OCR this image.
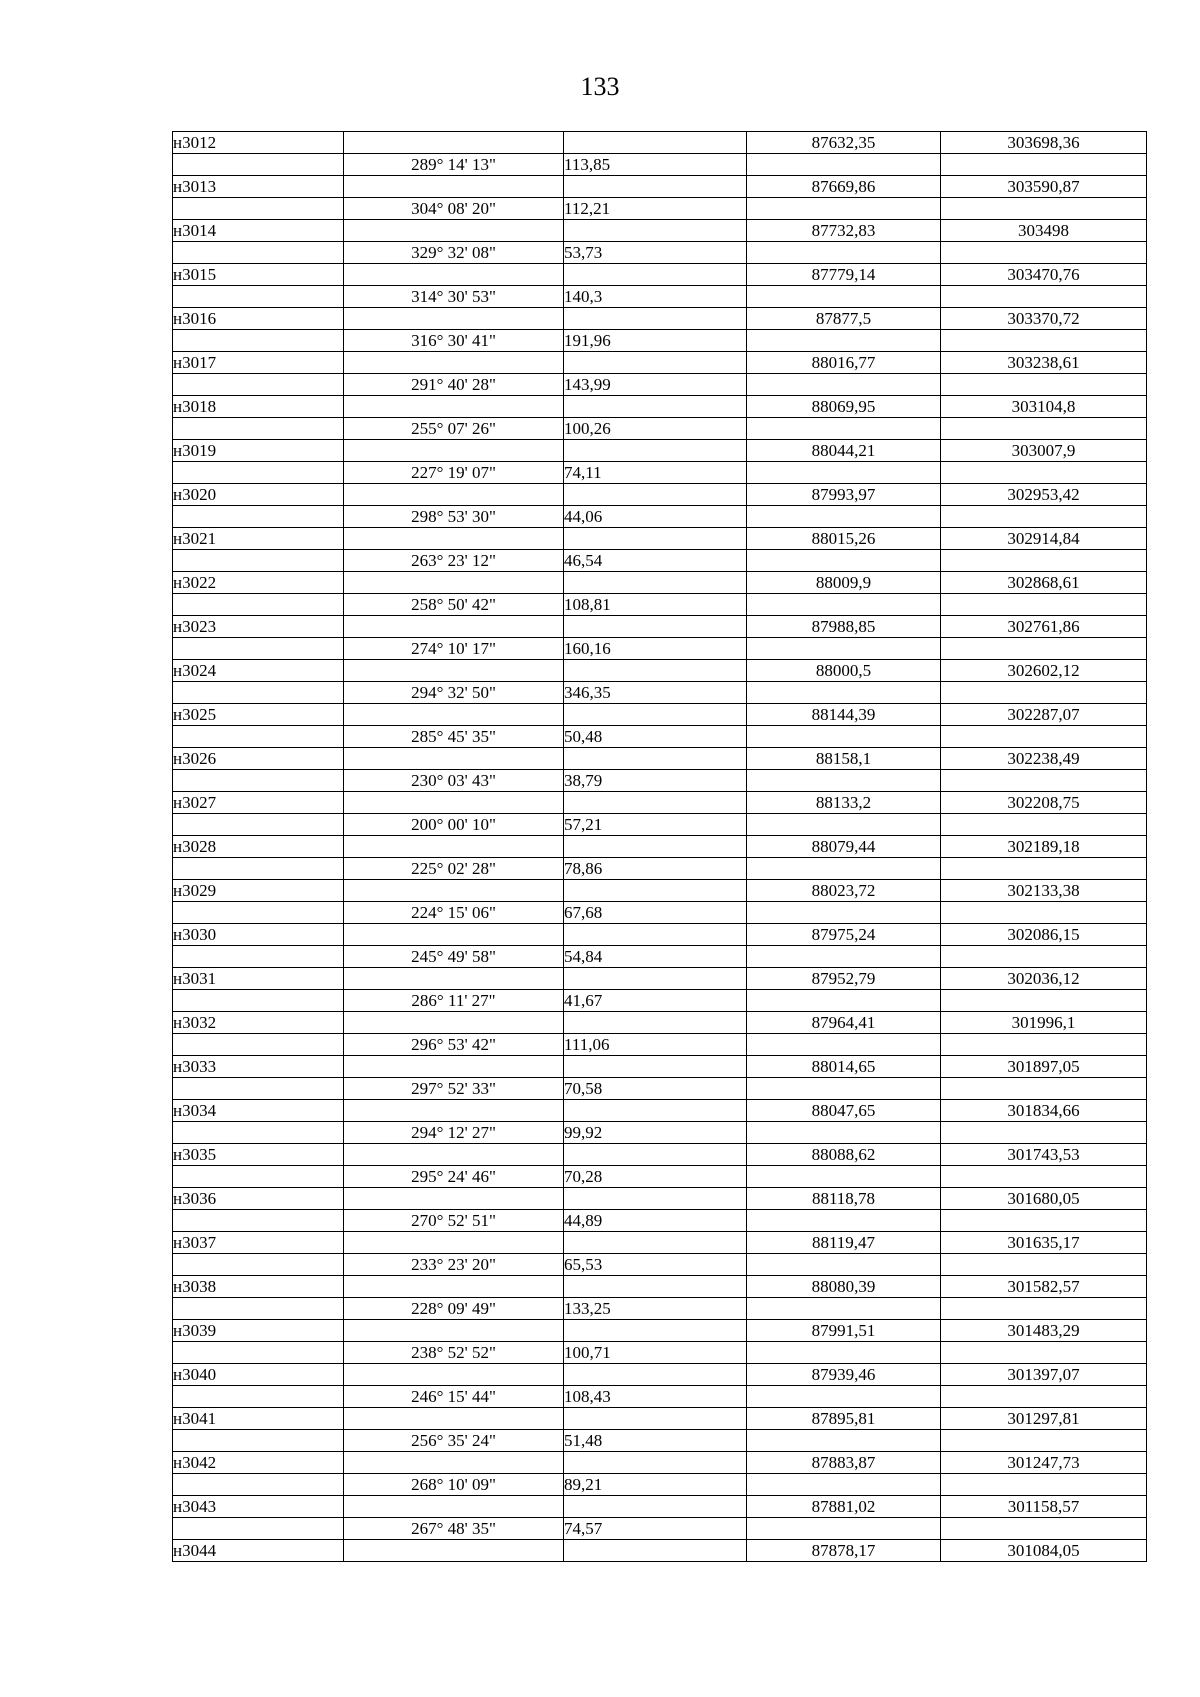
133
н3012			87632,35	303698,36
	289° 14' 13"	113,85		
н3013			87669,86	303590,87
	304° 08' 20"	112,21		
н3014			87732,83	303498
	329° 32' 08"	53,73		
н3015			87779,14	303470,76
	314° 30' 53"	140,3		
н3016			87877,5	303370,72
	316° 30' 41"	191,96		
н3017			88016,77	303238,61
	291° 40' 28"	143,99		
н3018			88069,95	303104,8
	255° 07' 26"	100,26		
н3019			88044,21	303007,9
	227° 19' 07"	74,11		
н3020			87993,97	302953,42
	298° 53' 30"	44,06		
н3021			88015,26	302914,84
	263° 23' 12"	46,54		
н3022			88009,9	302868,61
	258° 50' 42"	108,81		
н3023			87988,85	302761,86
	274° 10' 17"	160,16		
н3024			88000,5	302602,12
	294° 32' 50"	346,35		
н3025			88144,39	302287,07
	285° 45' 35"	50,48		
н3026			88158,1	302238,49
	230° 03' 43"	38,79		
н3027			88133,2	302208,75
	200° 00' 10"	57,21		
н3028			88079,44	302189,18
	225° 02' 28"	78,86		
н3029			88023,72	302133,38
	224° 15' 06"	67,68		
н3030			87975,24	302086,15
	245° 49' 58"	54,84		
н3031			87952,79	302036,12
	286° 11' 27"	41,67		
н3032			87964,41	301996,1
	296° 53' 42"	111,06		
н3033			88014,65	301897,05
	297° 52' 33"	70,58		
н3034			88047,65	301834,66
	294° 12' 27"	99,92		
н3035			88088,62	301743,53
	295° 24' 46"	70,28		
н3036			88118,78	301680,05
	270° 52' 51"	44,89		
н3037			88119,47	301635,17
	233° 23' 20"	65,53		
н3038			88080,39	301582,57
	228° 09' 49"	133,25		
н3039			87991,51	301483,29
	238° 52' 52"	100,71		
н3040			87939,46	301397,07
	246° 15' 44"	108,43		
н3041			87895,81	301297,81
	256° 35' 24"	51,48		
н3042			87883,87	301247,73
	268° 10' 09"	89,21		
н3043			87881,02	301158,57
	267° 48' 35"	74,57		
н3044			87878,17	301084,05
